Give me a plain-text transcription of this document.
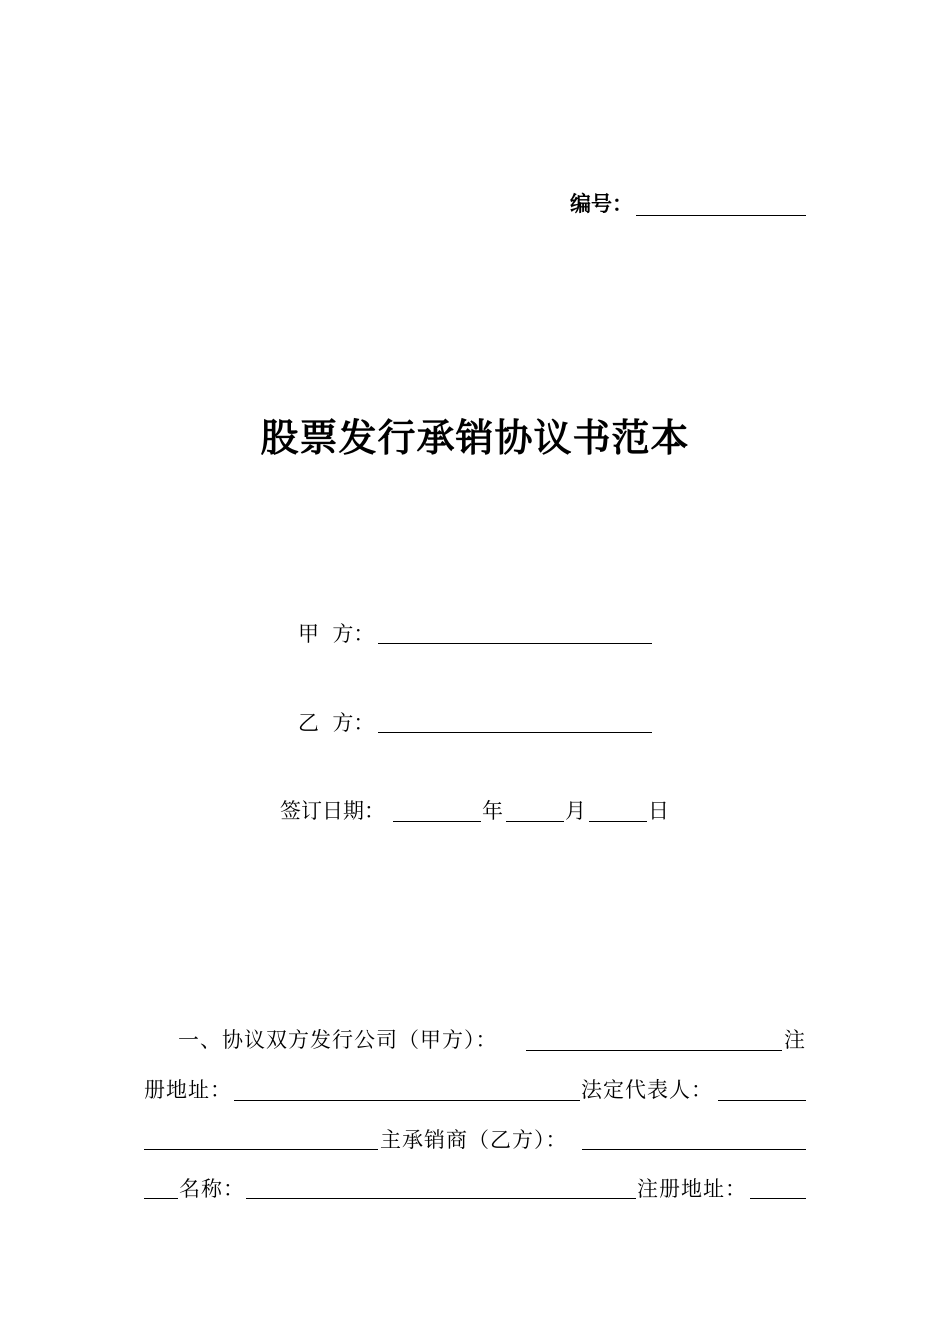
编号：
股票发行承销协议书范本
甲  方：
乙  方：
签订日期：	年	月	日
一、协议双方发行公司（甲方）：	注
册地址：	法定代表人：
主承销商（乙方）：
名称：	注册地址：
